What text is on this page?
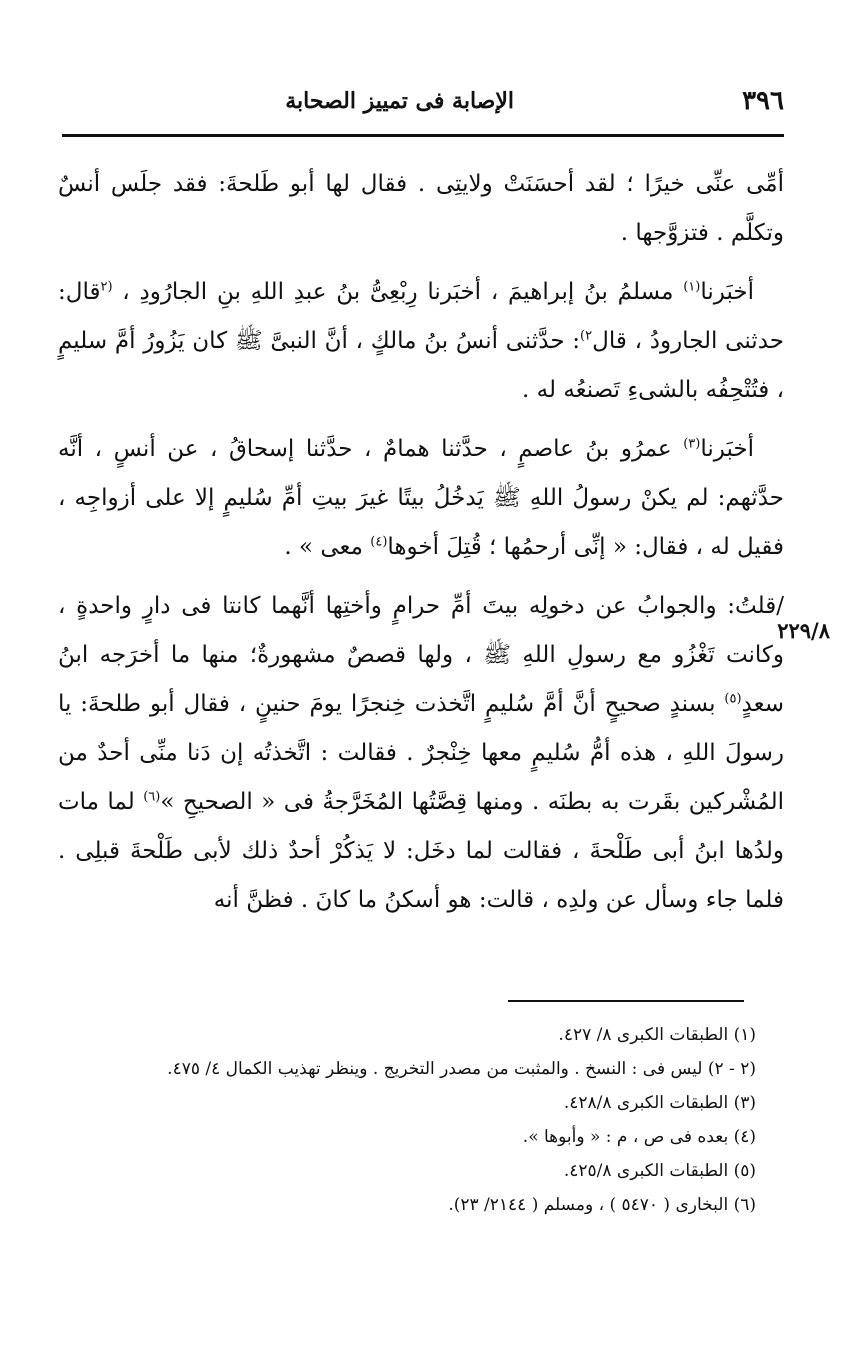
٣٩٦
الإصابة فى تمييز الصحابة
٢٢٩/٨

أمِّى عنِّى خيرًا ؛ لقد أحسَنَتْ ولايتِى . فقال لها أبو طَلحةَ: فقد جلَس أنسٌ وتكلَّم . فتزوَّجها .

أخبَرنا$^{(١)}$ مسلمُ بنُ إبراهيمَ ، أخبَرنا رِبْعِىُّ بنُ عبدِ اللهِ بنِ الجارُودِ ، $^{(٢}$قال: حدثنى الجارودُ ، قال$^{٢)}$: حدَّثنى أنسُ بنُ مالكٍ ، أنَّ النبىَّ ﷺ كان يَزُورُ أمَّ سليمٍ ، فتُتْحِفُه بالشىءِ تَصنعُه له .

أخبَرنا$^{(٣)}$ عمرُو بنُ عاصمٍ ، حدَّثنا همامٌ ، حدَّثنا إسحاقُ ، عن أنسٍ ، أنَّه حدَّثهم: لم يكنْ رسولُ اللهِ ﷺ يَدخُلُ بيتًا غيرَ بيتِ أمِّ سُليمٍ إلا على أزواجِه ، فقيل له ، فقال: « إنِّى أرحمُها ؛ قُتِلَ أخوها$^{(٤)}$ معى » .

/قلتُ: والجوابُ عن دخولِه بيتَ أمِّ حرامٍ وأختِها أنَّهما كانتا فى دارٍ واحدةٍ ، وكانت تَغْزُو مع رسولِ اللهِ ﷺ ، ولها قصصٌ مشهورةٌ؛ منها ما أخرَجه ابنُ سعدٍ$^{(٥)}$ بسندٍ صحيحٍ أنَّ أمَّ سُليمٍ اتَّخذت خِنجرًا يومَ حنينٍ ، فقال أبو طلحةَ: يا رسولَ اللهِ ، هذه أمُّ سُليمٍ معها خِنْجرٌ . فقالت : اتَّخذتُه إن دَنا منِّى أحدٌ من المُشْركين بقَرت به بطنَه . ومنها قِصَّتُها المُخَرَّجةُ فى « الصحيحِ »$^{(٦)}$ لما مات ولدُها ابنُ أبى طَلْحةَ ، فقالت لما دخَل: لا يَذكُرْ أحدٌ ذلك لأبى طَلْحةَ قبلِى . فلما جاء وسأل عن ولدِه ، قالت: هو أسكنُ ما كانَ . فظنَّ أنه

(١) الطبقات الكبرى ٨/ ٤٢٧.

(٢ - ٢) ليس فى : النسخ . والمثبت من مصدر التخريج . وينظر تهذيب الكمال ٤/ ٤٧٥.

(٣) الطبقات الكبرى ٤٢٨/٨.

(٤) بعده فى ص ، م : « وأبوها ».

(٥) الطبقات الكبرى ٤٢٥/٨.

(٦) البخارى ( ٥٤٧٠ ) ، ومسلم ( ٢١٤٤/ ٢٣).
